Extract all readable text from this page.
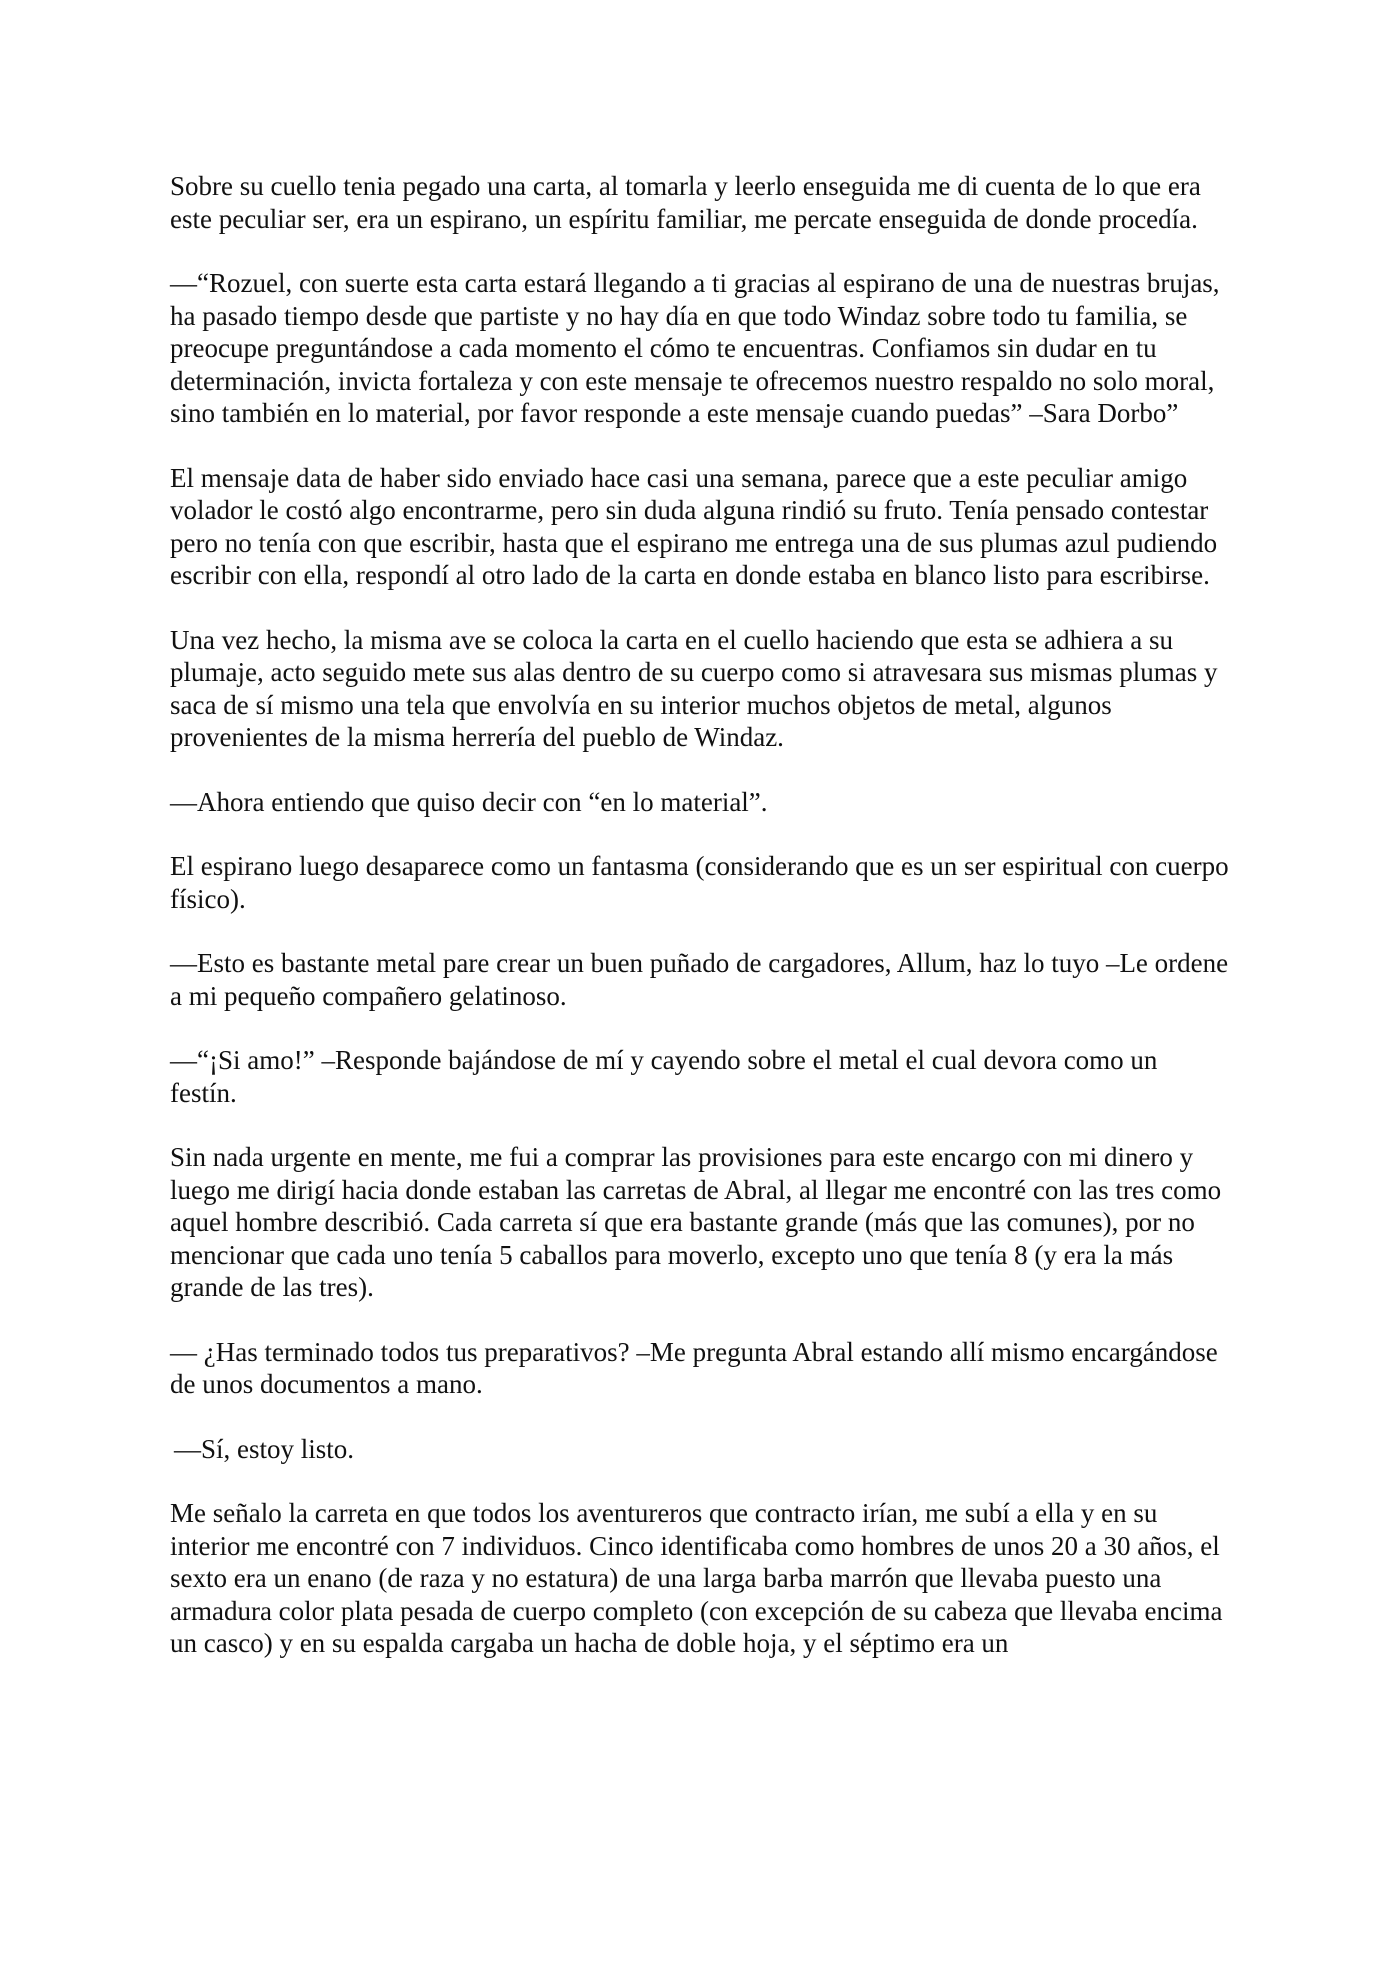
Sobre su cuello tenia pegado una carta, al tomarla y leerlo enseguida me di cuenta de lo que era este peculiar ser, era un espirano, un espíritu familiar, me percate enseguida de donde procedía.

—“Rozuel, con suerte esta carta estará llegando a ti gracias al espirano de una de nuestras brujas, ha pasado tiempo desde que partiste y no hay día en que todo Windaz sobre todo tu familia, se preocupe preguntándose a cada momento el cómo te encuentras. Confiamos sin dudar en tu determinación, invicta fortaleza y con este mensaje te ofrecemos nuestro respaldo no solo moral, sino también en lo material, por favor responde a este mensaje cuando puedas” –Sara Dorbo”

El mensaje data de haber sido enviado hace casi una semana, parece que a este peculiar amigo volador le costó algo encontrarme, pero sin duda alguna rindió su fruto. Tenía pensado contestar pero no tenía con que escribir, hasta que el espirano me entrega una de sus plumas azul pudiendo escribir con ella, respondí al otro lado de la carta en donde estaba en blanco listo para escribirse.

Una vez hecho, la misma ave se coloca la carta en el cuello haciendo que esta se adhiera a su plumaje, acto seguido mete sus alas dentro de su cuerpo como si atravesara sus mismas plumas y saca de sí mismo una tela que envolvía en su interior muchos objetos de metal, algunos provenientes de la misma herrería del pueblo de Windaz.

—Ahora entiendo que quiso decir con “en lo material”.

El espirano luego desaparece como un fantasma (considerando que es un ser espiritual con cuerpo físico).

—Esto es bastante metal pare crear un buen puñado de cargadores, Allum, haz lo tuyo –Le ordene a mi pequeño compañero gelatinoso.

—“¡Si amo!” –Responde bajándose de mí y cayendo sobre el metal el cual devora como un festín.

Sin nada urgente en mente, me fui a comprar las provisiones para este encargo con mi dinero y luego me dirigí hacia donde estaban las carretas de Abral, al llegar me encontré con las tres como aquel hombre describió. Cada carreta sí que era bastante grande (más que las comunes), por no mencionar que cada uno tenía 5 caballos para moverlo, excepto uno que tenía 8 (y era la más grande de las tres).

— ¿Has terminado todos tus preparativos? –Me pregunta Abral estando allí mismo encargándose de unos documentos a mano.

—Sí, estoy listo.

Me señalo la carreta en que todos los aventureros que contracto irían, me subí a ella y en su interior me encontré con 7 individuos. Cinco identificaba como hombres de unos 20 a 30 años, el sexto era un enano (de raza y no estatura) de una larga barba marrón que llevaba puesto una armadura color plata pesada de cuerpo completo (con excepción de su cabeza que llevaba encima un casco) y en su espalda cargaba un hacha de doble hoja, y el séptimo era un
